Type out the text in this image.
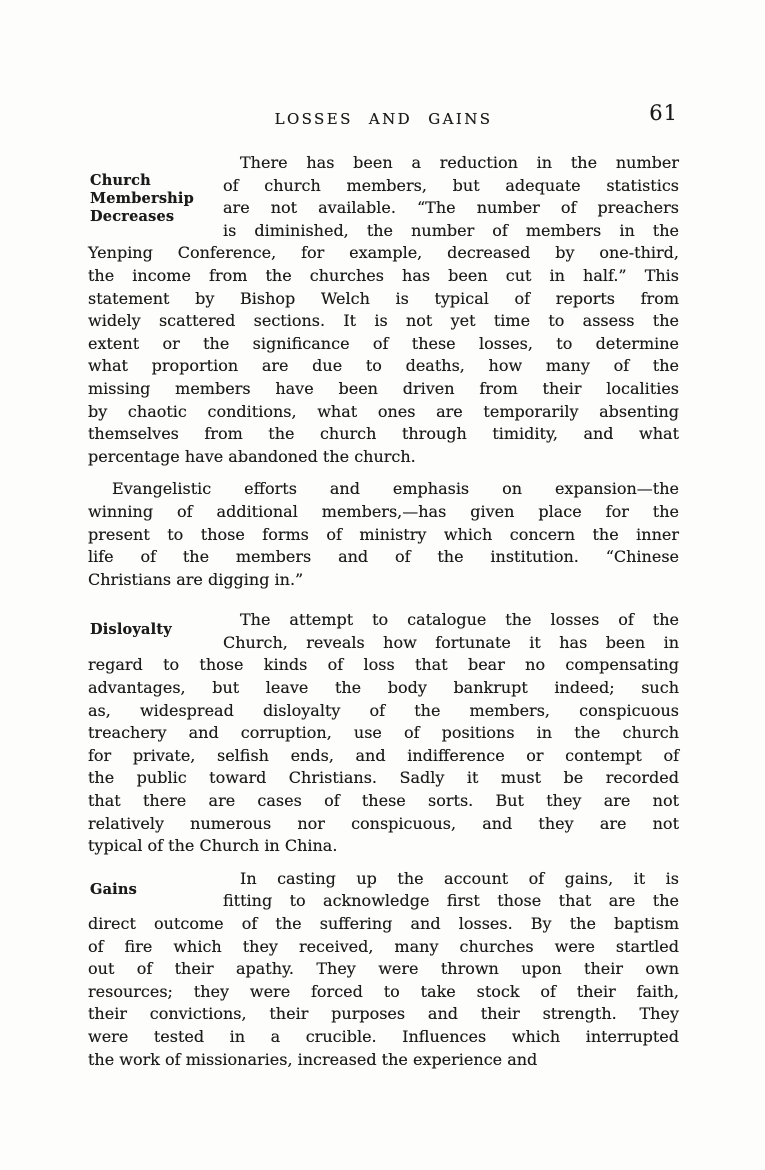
LOSSES AND GAINS	61
Church Membership Decreases
There has been a reduction in the number
of church members, but adequate statistics
are not available. “The number of preachers
is diminished, the number of members in the
Yenping Conference, for example, decreased by one-third,
the income from the churches has been cut in half.” This
statement by Bishop Welch is typical of reports from
widely scattered sections. It is not yet time to assess the
extent or the significance of these losses, to determine
what proportion are due to deaths, how many of the
missing members have been driven from their localities
by chaotic conditions, what ones are temporarily absenting
themselves from the church through timidity, and what
percentage have abandoned the church.
Evangelistic efforts and emphasis on expansion—the
winning of additional members,—has given place for the
present to those forms of ministry which concern the inner
life of the members and of the institution. “Chinese
Christians are digging in.”
Disloyalty
The attempt to catalogue the losses of the
Church, reveals how fortunate it has been in
regard to those kinds of loss that bear no compensating
advantages, but leave the body bankrupt indeed; such
as, widespread disloyalty of the members, conspicuous
treachery and corruption, use of positions in the church
for private, selfish ends, and indifference or contempt of
the public toward Christians. Sadly it must be recorded
that there are cases of these sorts. But they are not
relatively numerous nor conspicuous, and they are not
typical of the Church in China.
Gains
In casting up the account of gains, it is
fitting to acknowledge first those that are the
direct outcome of the suffering and losses. By the baptism
of fire which they received, many churches were startled
out of their apathy. They were thrown upon their own
resources; they were forced to take stock of their faith,
their convictions, their purposes and their strength. They
were tested in a crucible. Influences which interrupted
the work of missionaries, increased the experience and
